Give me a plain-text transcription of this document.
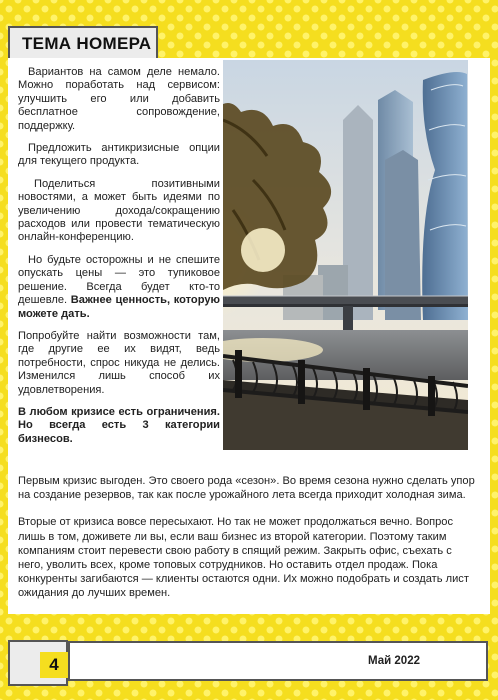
ТЕМА НОМЕРА

Вариантов на самом деле немало. Можно поработать над сервисом: улучшить его или добавить бесплатное сопровождение, поддержку.

Предложить антикризисные опции для текущего продукта.

Поделиться позитивными новостями, а может быть идеями по увеличению дохода/сокращению расходов или провести тематическую онлайн-конференцию.

Но будьте осторожны и не спешите опускать цены — это тупиковое решение. Всегда будет кто-то дешевле. Важнее ценность, которую можете дать.

Попробуйте найти возможности там, где другие ее их видят, ведь потребности, спрос никуда не делись. Изменился лишь способ их удовлетворения.

В любом кризисе есть ограничения. Но всегда есть 3 категории бизнесов.

Первым кризис выгоден. Это своего рода «сезон». Во время сезона нужно сделать упор на создание резервов, так как после урожайного лета всегда приходит холодная зима.

Вторые от кризиса вовсе пересыхают. Но так не может продолжаться вечно. Вопрос лишь в том, доживете ли вы, если ваш бизнес из второй категории. Поэтому таким компаниям стоит перевести свою работу в спящий режим. Закрыть офис, съехать с него, уволить всех, кроме топовых сотрудников. Но оставить отдел продаж. Пока конкуренты загибаются — клиенты остаются одни. Их можно подобрать и создать лист ожидания до лучших времен.

4	Май 2022
